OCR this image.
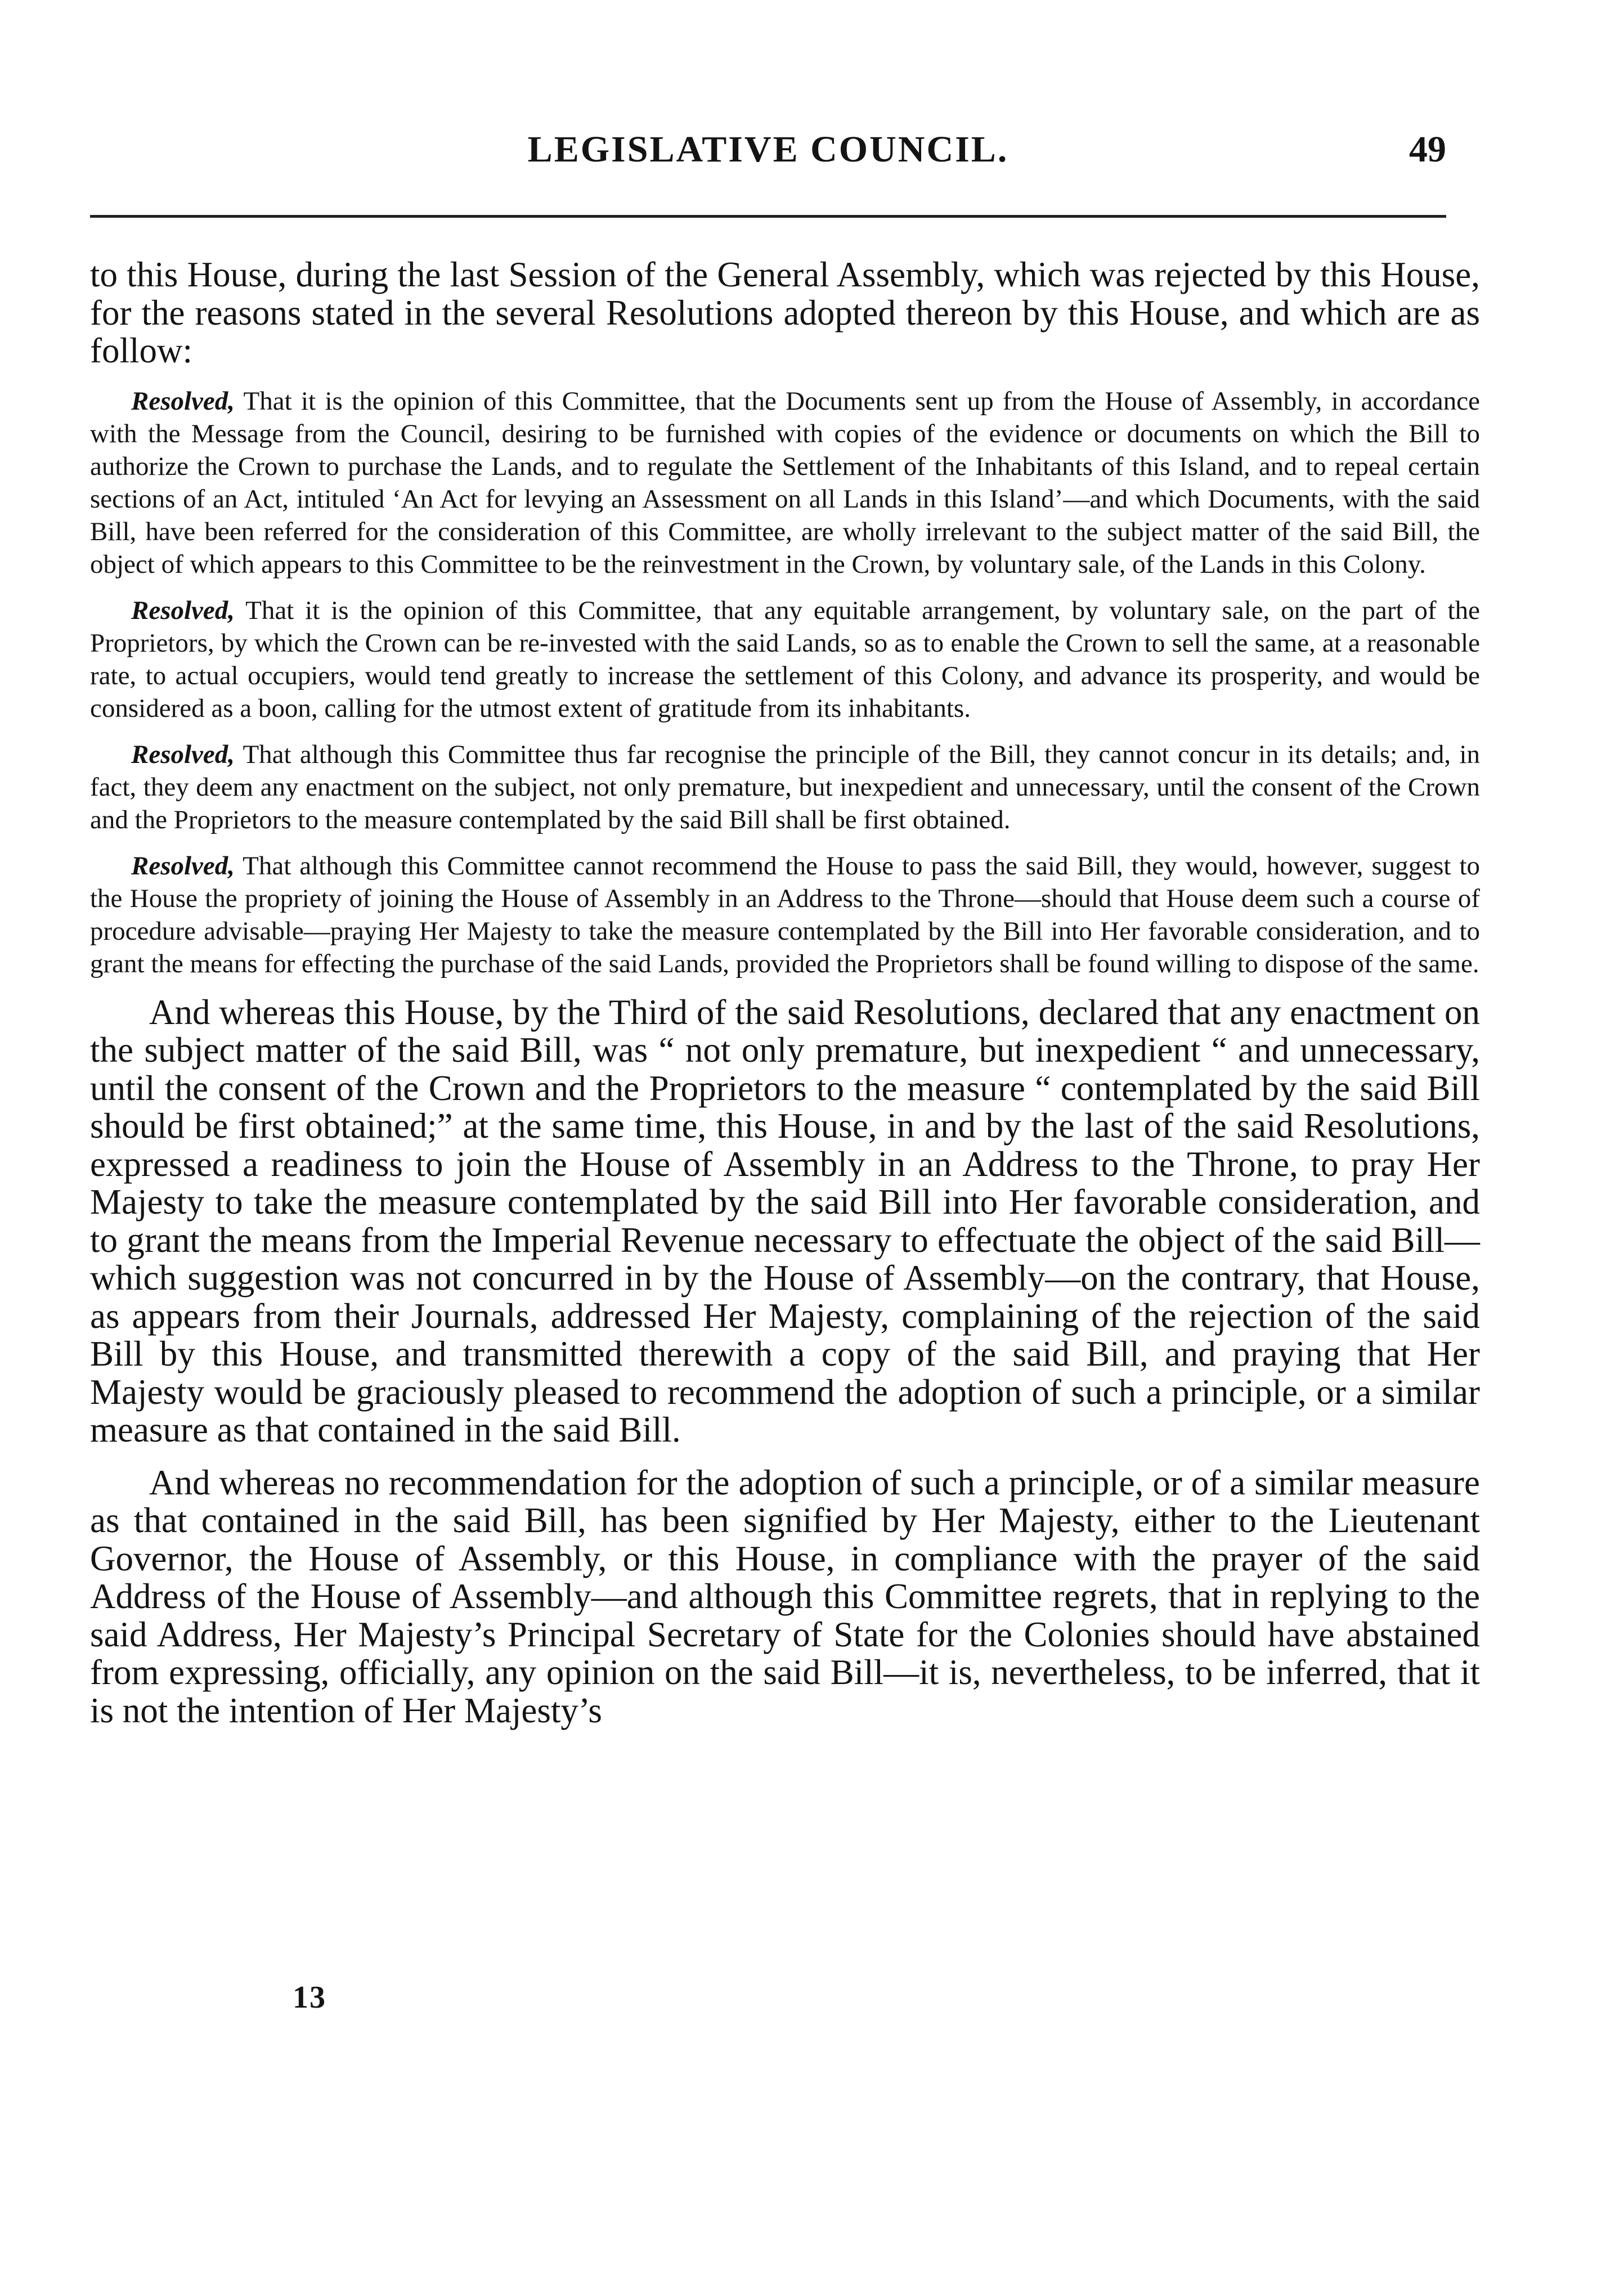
LEGISLATIVE COUNCIL.	49

to this House, during the last Session of the General Assembly, which was rejected by this House, for the reasons stated in the several Resolutions adopted thereon by this House, and which are as follow:

Resolved, That it is the opinion of this Committee, that the Documents sent up from the House of Assembly, in accordance with the Message from the Council, desiring to be furnished with copies of the evidence or documents on which the Bill to authorize the Crown to purchase the Lands, and to regulate the Settlement of the Inhabitants of this Island, and to repeal certain sections of an Act, intituled ‘An Act for levying an Assessment on all Lands in this Island’—and which Documents, with the said Bill, have been referred for the consideration of this Committee, are wholly irrelevant to the subject matter of the said Bill, the object of which appears to this Committee to be the reinvestment in the Crown, by voluntary sale, of the Lands in this Colony.

Resolved, That it is the opinion of this Committee, that any equitable arrangement, by voluntary sale, on the part of the Proprietors, by which the Crown can be re-invested with the said Lands, so as to enable the Crown to sell the same, at a reasonable rate, to actual occupiers, would tend greatly to increase the settlement of this Colony, and advance its prosperity, and would be considered as a boon, calling for the utmost extent of gratitude from its inhabitants.

Resolved, That although this Committee thus far recognise the principle of the Bill, they cannot concur in its details; and, in fact, they deem any enactment on the subject, not only premature, but inexpedient and unnecessary, until the consent of the Crown and the Proprietors to the measure contemplated by the said Bill shall be first obtained.

Resolved, That although this Committee cannot recommend the House to pass the said Bill, they would, however, suggest to the House the propriety of joining the House of Assembly in an Address to the Throne—should that House deem such a course of procedure advisable—praying Her Majesty to take the measure contemplated by the Bill into Her favorable consideration, and to grant the means for effecting the purchase of the said Lands, provided the Proprietors shall be found willing to dispose of the same.

And whereas this House, by the Third of the said Resolutions, declared that any enactment on the subject matter of the said Bill, was “ not only premature, but inexpedient “ and unnecessary, until the consent of the Crown and the Proprietors to the measure “ contemplated by the said Bill should be first obtained;” at the same time, this House, in and by the last of the said Resolutions, expressed a readiness to join the House of Assembly in an Address to the Throne, to pray Her Majesty to take the measure contemplated by the said Bill into Her favorable consideration, and to grant the means from the Imperial Revenue necessary to effectuate the object of the said Bill—which suggestion was not concurred in by the House of Assembly—on the contrary, that House, as appears from their Journals, addressed Her Majesty, complaining of the rejection of the said Bill by this House, and transmitted therewith a copy of the said Bill, and praying that Her Majesty would be graciously pleased to recommend the adoption of such a principle, or a similar measure as that contained in the said Bill.

And whereas no recommendation for the adoption of such a principle, or of a similar measure as that contained in the said Bill, has been signified by Her Majesty, either to the Lieutenant Governor, the House of Assembly, or this House, in compliance with the prayer of the said Address of the House of Assembly—and although this Committee regrets, that in replying to the said Address, Her Majesty’s Principal Secretary of State for the Colonies should have abstained from expressing, officially, any opinion on the said Bill—it is, nevertheless, to be inferred, that it is not the intention of Her Majesty’s

13
